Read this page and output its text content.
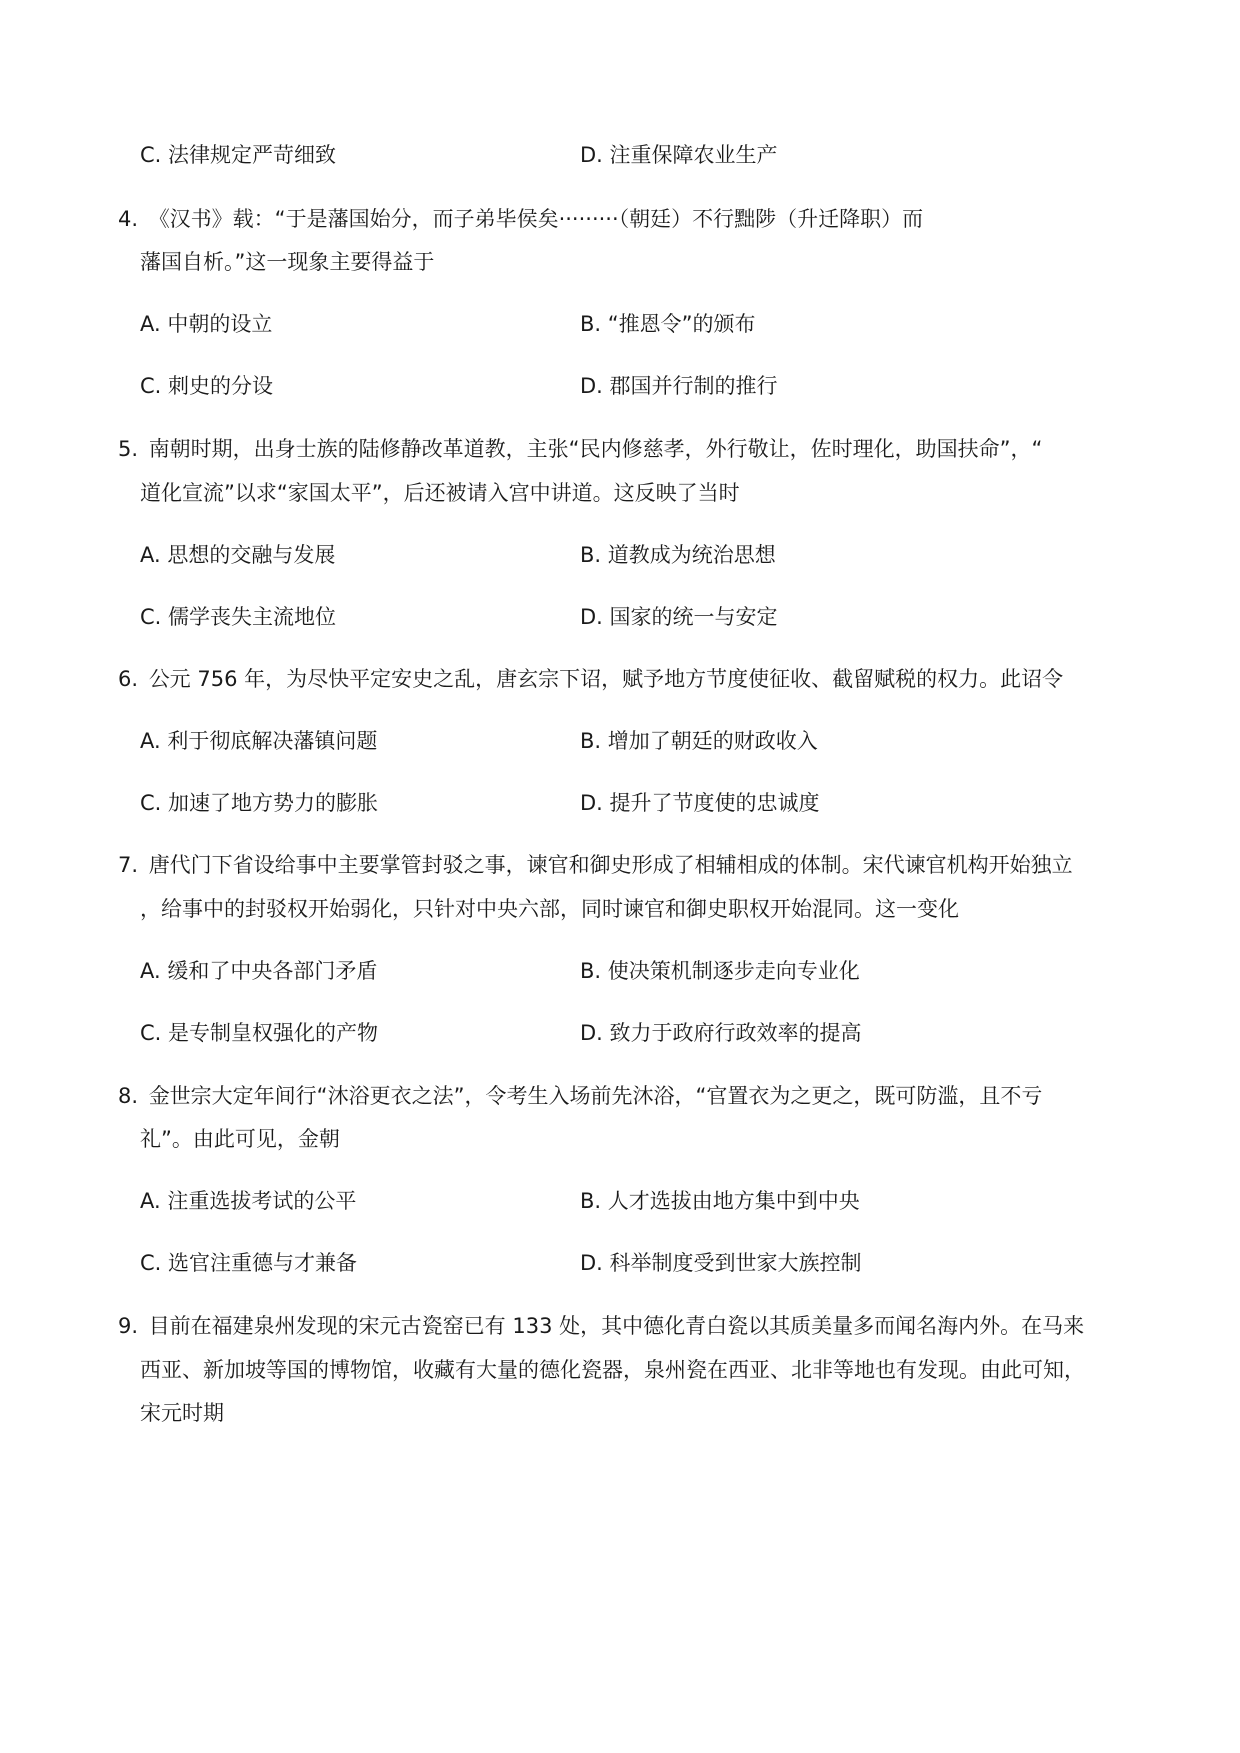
C. 法律规定严苛细致	D. 注重保障农业生产
4. 《汉书》载：“于是藩国始分，而子弟毕侯矣·········（朝廷）不行黜陟（升迁降职）而
藩国自析。”这一现象主要得益于
A. 中朝的设立	B. “推恩令”的颁布
C. 刺史的分设	D. 郡国并行制的推行
5. 南朝时期，出身士族的陆修静改革道教，主张“民内修慈孝，外行敬让，佐时理化，助国扶命”，“
道化宣流”以求“家国太平”，后还被请入宫中讲道。这反映了当时
A. 思想的交融与发展	B. 道教成为统治思想
C. 儒学丧失主流地位	D. 国家的统一与安定
6. 公元 756 年，为尽快平定安史之乱，唐玄宗下诏，赋予地方节度使征收、截留赋税的权力。此诏令
A. 利于彻底解决藩镇问题	B. 增加了朝廷的财政收入
C. 加速了地方势力的膨胀	D. 提升了节度使的忠诚度
7. 唐代门下省设给事中主要掌管封驳之事，谏官和御史形成了相辅相成的体制。宋代谏官机构开始独立
，给事中的封驳权开始弱化，只针对中央六部，同时谏官和御史职权开始混同。这一变化
A. 缓和了中央各部门矛盾	B. 使决策机制逐步走向专业化
C. 是专制皇权强化的产物	D. 致力于政府行政效率的提高
8. 金世宗大定年间行“沐浴更衣之法”，令考生入场前先沐浴，“官置衣为之更之，既可防滥，且不亏
礼”。由此可见，金朝
A. 注重选拔考试的公平	B. 人才选拔由地方集中到中央
C. 选官注重德与才兼备	D. 科举制度受到世家大族控制
9. 目前在福建泉州发现的宋元古瓷窑已有 133 处，其中德化青白瓷以其质美量多而闻名海内外。在马来
西亚、新加坡等国的博物馆，收藏有大量的德化瓷器，泉州瓷在西亚、北非等地也有发现。由此可知，
宋元时期
